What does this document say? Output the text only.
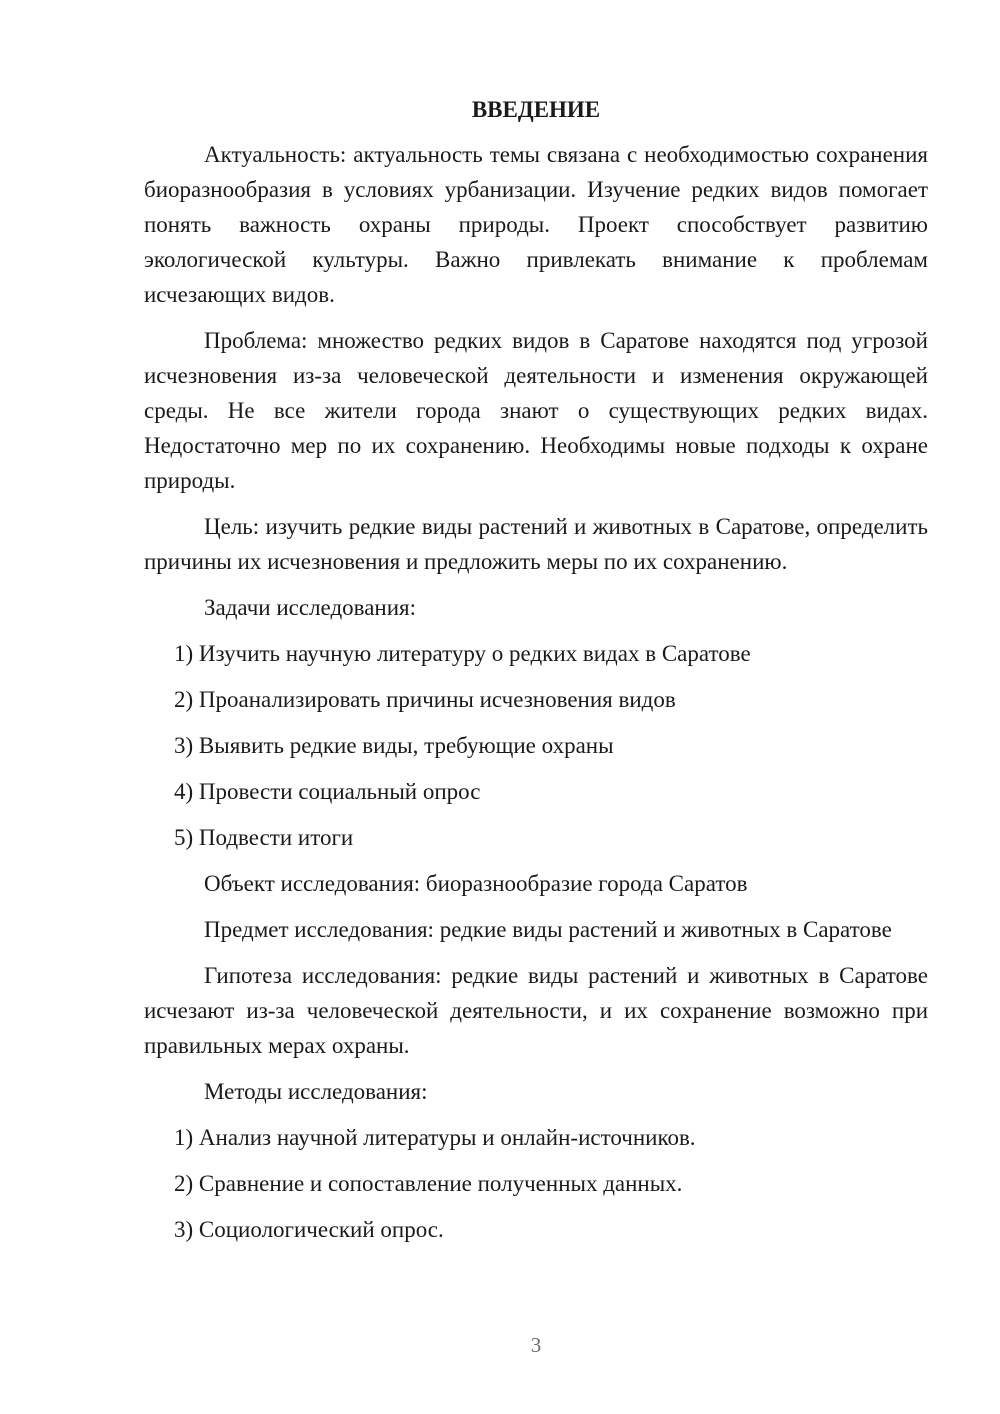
ВВЕДЕНИЕ

Актуальность: актуальность темы связана с необходимостью сохранения биоразнообразия в условиях урбанизации. Изучение редких видов помогает понять важность охраны природы. Проект способствует развитию экологической культуры. Важно привлекать внимание к проблемам исчезающих видов.

Проблема: множество редких видов в Саратове находятся под угрозой исчезновения из-за человеческой деятельности и изменения окружающей среды. Не все жители города знают о существующих редких видах. Недостаточно мер по их сохранению. Необходимы новые подходы к охране природы.

Цель: изучить редкие виды растений и животных в Саратове, определить причины их исчезновения и предложить меры по их сохранению.

Задачи исследования:

1) Изучить научную литературу о редких видах в Саратове
2) Проанализировать причины исчезновения видов
3) Выявить редкие виды, требующие охраны
4) Провести социальный опрос
5) Подвести итоги

Объект исследования: биоразнообразие города Саратов

Предмет исследования: редкие виды растений и животных в Саратове

Гипотеза исследования: редкие виды растений и животных в Саратове исчезают из-за человеческой деятельности, и их сохранение возможно при правильных мерах охраны.

Методы исследования:

1) Анализ научной литературы и онлайн-источников.
2) Сравнение и сопоставление полученных данных.
3) Социологический опрос.
3
